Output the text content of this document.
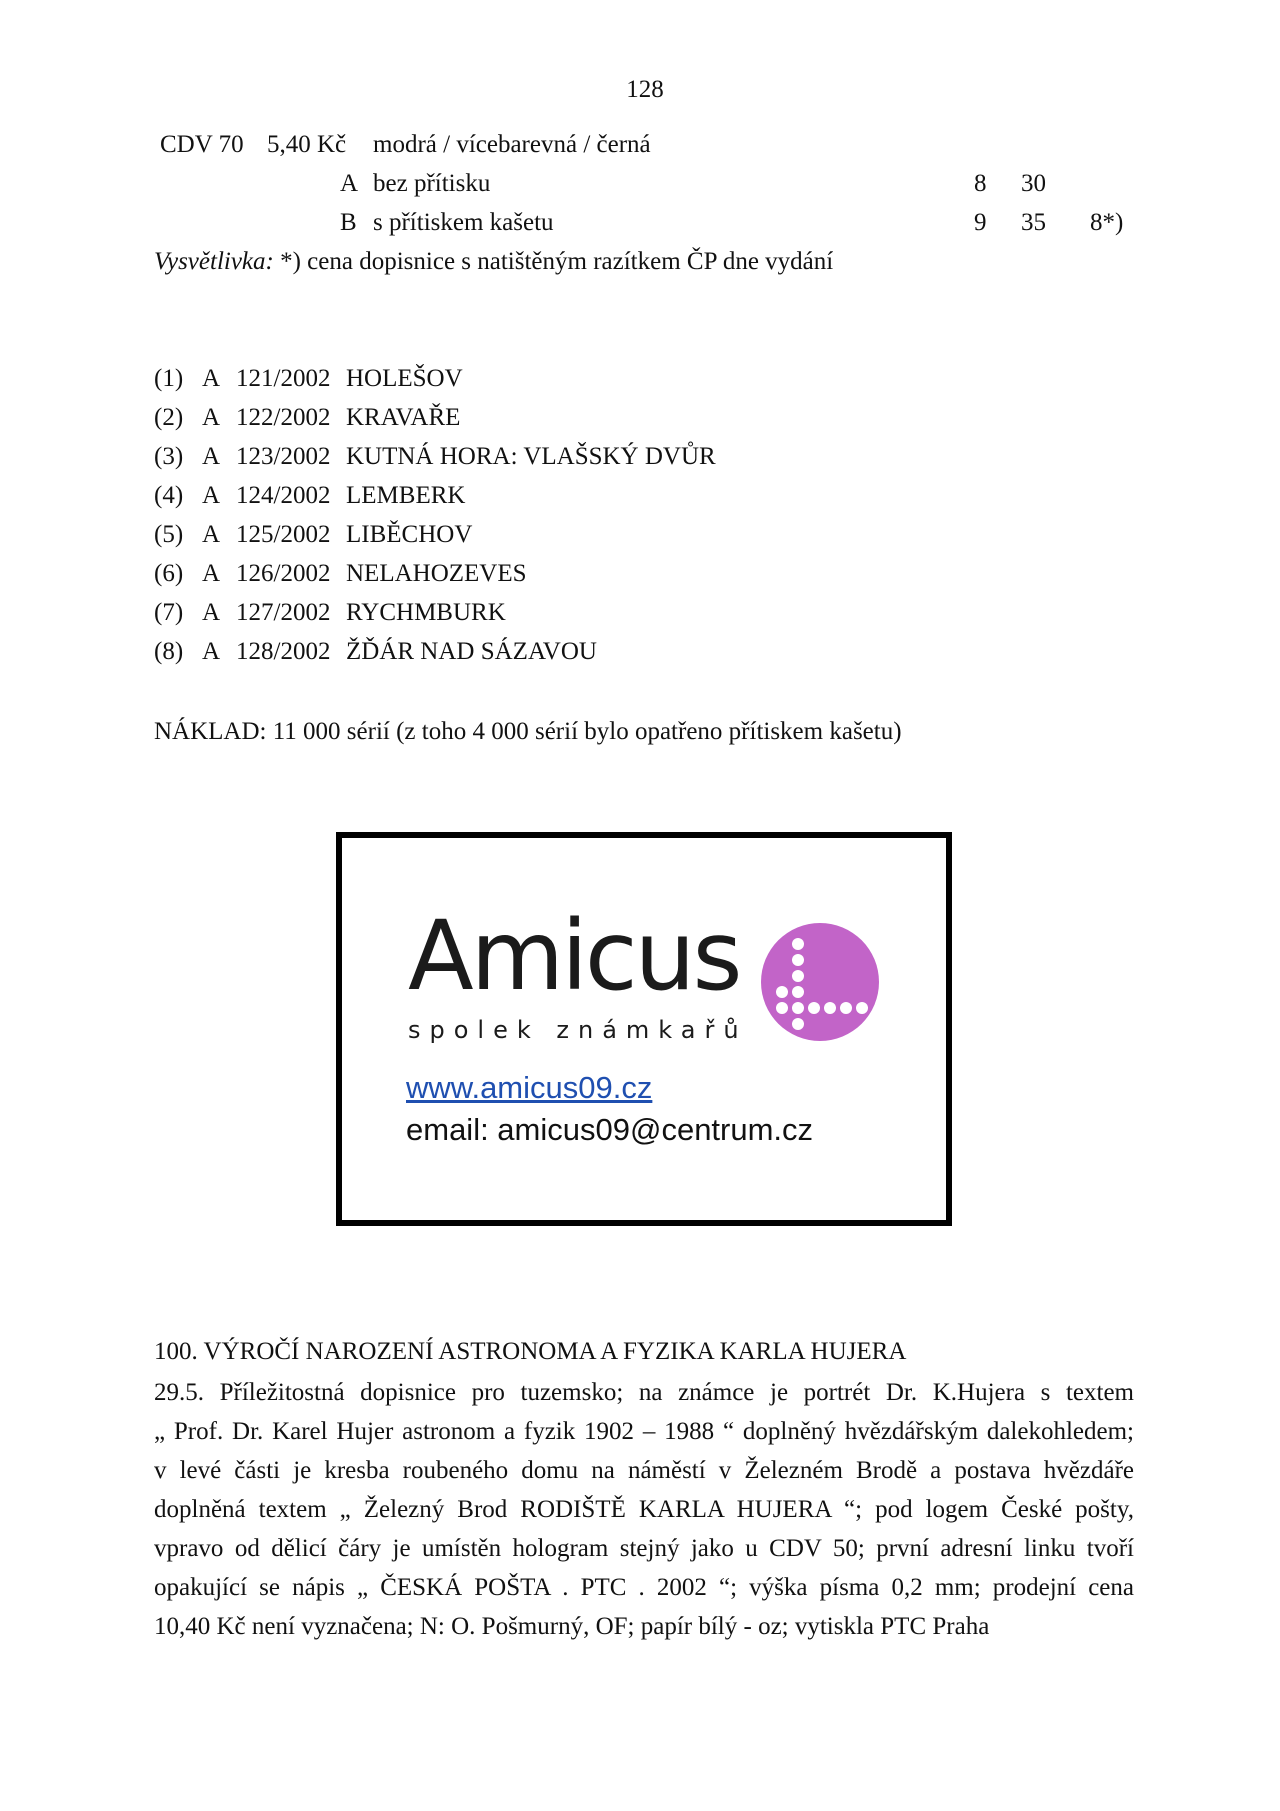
128
CDV 70 5,40 Kč modrá / vícebarevná / černá
A bez přítisku	8 30
B s přítiskem kašetu	9 35 8*)
Vysvětlivka: *) cena dopisnice s natištěným razítkem ČP dne vydání
(1) A 121/2002 HOLEŠOV
(2) A 122/2002 KRAVAŘE
(3) A 123/2002 KUTNÁ HORA: VLAŠSKÝ DVŮR
(4) A 124/2002 LEMBERK
(5) A 125/2002 LIBĚCHOV
(6) A 126/2002 NELAHOZEVES
(7) A 127/2002 RYCHMBURK
(8) A 128/2002 ŽĎÁR NAD SÁZAVOU
NÁKLAD: 11 000 sérií (z toho 4 000 sérií bylo opatřeno přítiskem kašetu)
Amicus
spolek známkařů
www.amicus09.cz
email: amicus09@centrum.cz
100. VÝROČÍ NAROZENÍ ASTRONOMA A FYZIKA KARLA HUJERA
29.5. Příležitostná dopisnice pro tuzemsko; na známce je portrét Dr. K.Hujera s textem
„ Prof. Dr. Karel Hujer astronom a fyzik 1902 – 1988 “ doplněný hvězdářským dalekohledem;
v levé části je kresba roubeného domu na náměstí v Železném Brodě a postava hvězdáře
doplněná textem „ Železný Brod RODIŠTĚ KARLA HUJERA “; pod logem České pošty,
vpravo od dělicí čáry je umístěn hologram stejný jako u CDV 50; první adresní linku tvoří
opakující se nápis „ ČESKÁ POŠTA . PTC . 2002 “; výška písma 0,2 mm; prodejní cena
10,40 Kč není vyznačena; N: O. Pošmurný, OF; papír bílý - oz; vytiskla PTC Praha
